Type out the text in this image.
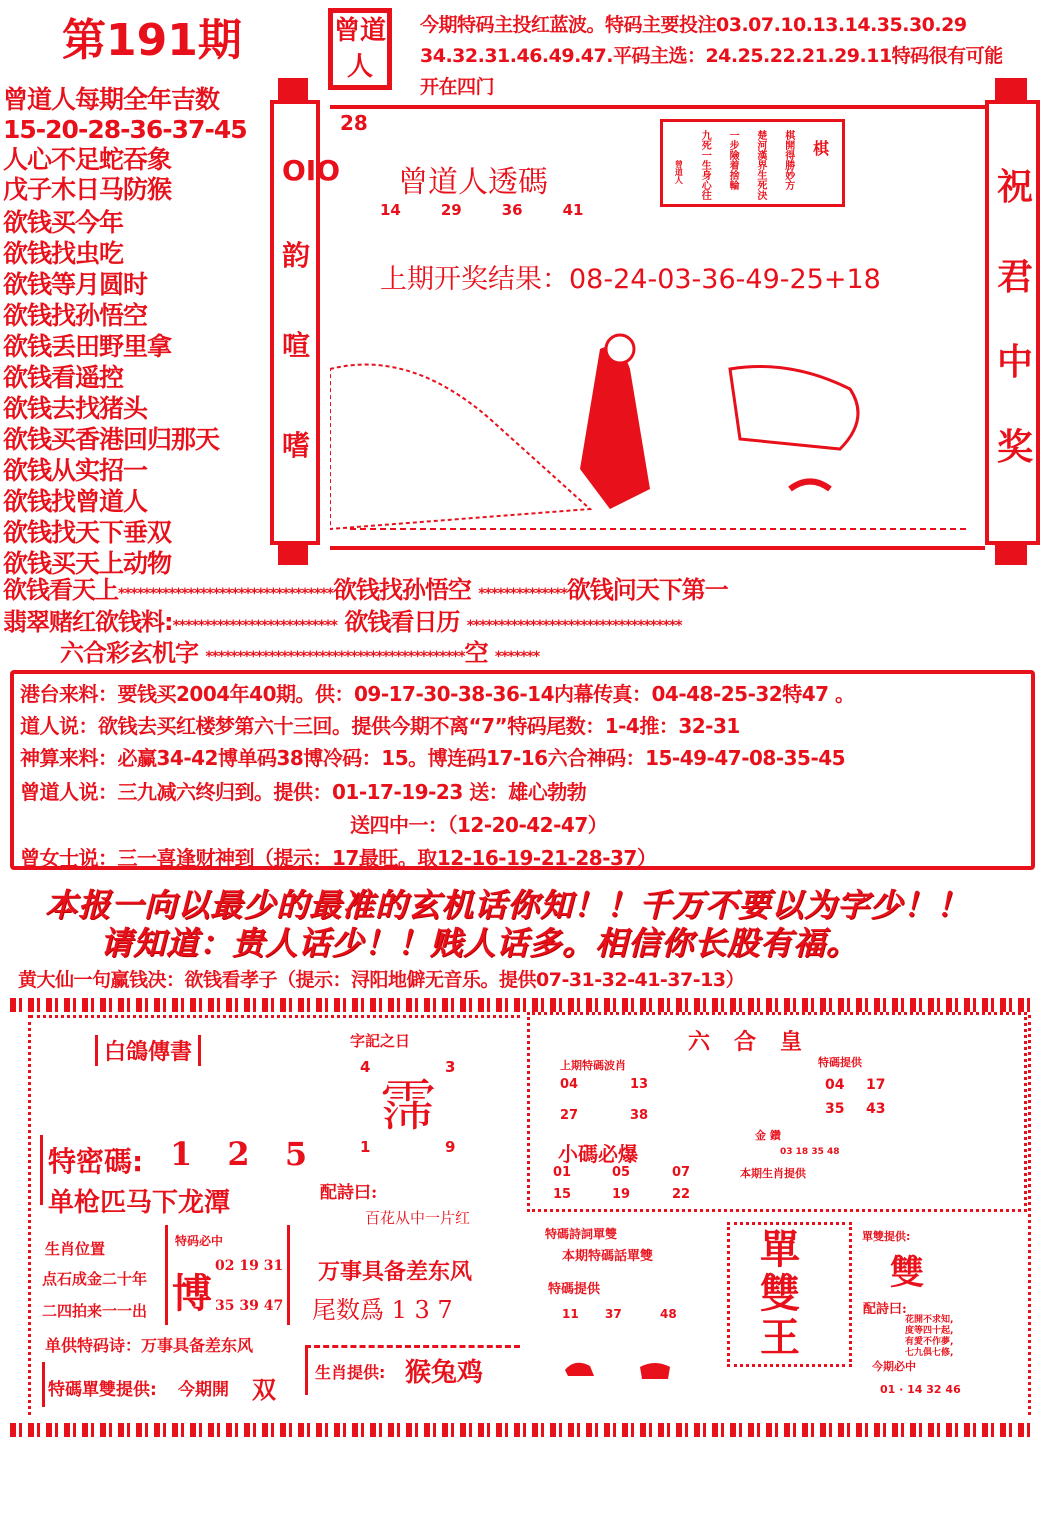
第191期	曾道
人
今期特码主投红蓝波。特码主要投注03.07.10.13.14.35.30.29
34.32.31.46.49.47.平码主选：24.25.22.21.29.11特码很有可能
开在四门
曾道人每期全年吉数
15-20-28-36-37-45
人心不足蛇吞象
戊子木日马防猴
欲钱买今年
欲钱找虫吃
欲钱等月圆时
欲钱找孙悟空
欲钱丢田野里拿
欲钱看遥控
欲钱去找猪头
欲钱买香港回归那天
欲钱从实招一
欲钱找曾道人
欲钱找天下垂双
欲钱买天上动物
OIO
韵
喧
嗜
祝
君
中
奖
28
曾道人透碼
14	29	36	41
棋
棋開得勝妙方
楚河漢界生死決
一步險着捨輪
九死一生身心往
曾道人
上期开奖结果：08-24-03-36-49-25+18
欲钱看天上**********************************欲钱找孙悟空 **************欲钱问天下第一
翡翠赌红欲钱料:************************** 欲钱看日历 **********************************
六合彩玄机字 *****************************************空 *******
港台来料：要钱买2004年40期。供：09-17-30-38-36-14内幕传真：04-48-25-32特47 。
道人说：欲钱去买红楼梦第六十三回。提供今期不离“7”特码尾数：1-4推：32-31
神算来料：必赢34-42博单码38博冷码：15。博连码17-16六合神码：15-49-47-08-35-45
曾道人说：三九减六终归到。提供：01-17-19-23 送：雄心勃勃
送四中一：（12-20-42-47）
曾女士说：三一喜逢财神到（提示：17最旺。取12-16-19-21-28-37）
本报一向以最少的最准的玄机话你知！！千万不要以为字少！！
请知道：贵人话少！！贱人话多。相信你长股有福。
黄大仙一句赢钱决：欲钱看孝子（提示：浔阳地僻无音乐。提供07-31-32-41-37-13）
白鴿傳書
特密碼: 1 2 5
单枪匹马下龙潭
生肖位置
点石成金二十年
二四拍来一一出
特码必中
博
02 19 31
35 39 47
单供特码诗：万事具备差东风
特碼單雙提供: 今期開 双
字記之日
4	3
霈
1	9
配詩曰:
百花从中一片红
万事具备差东风
尾数爲 1 3 7
生肖提供: 猴兔鸡
六合皇
上期特碼波肖
04	13
27	38
特碼提供
04 17
35 43
金 鑽
03 18 35 48
小碼必爆
01	05	07
15	19	22
本期生肖提供
特碼詩詞單雙
本期特碼話單雙
特碼提供
11 37	48
單
雙
王
單雙提供:
雙
配詩曰:
花開不求知,
度等四十起,
有愛不作夢,
七九俱七修,
今期必中
01 · 14 32 46
